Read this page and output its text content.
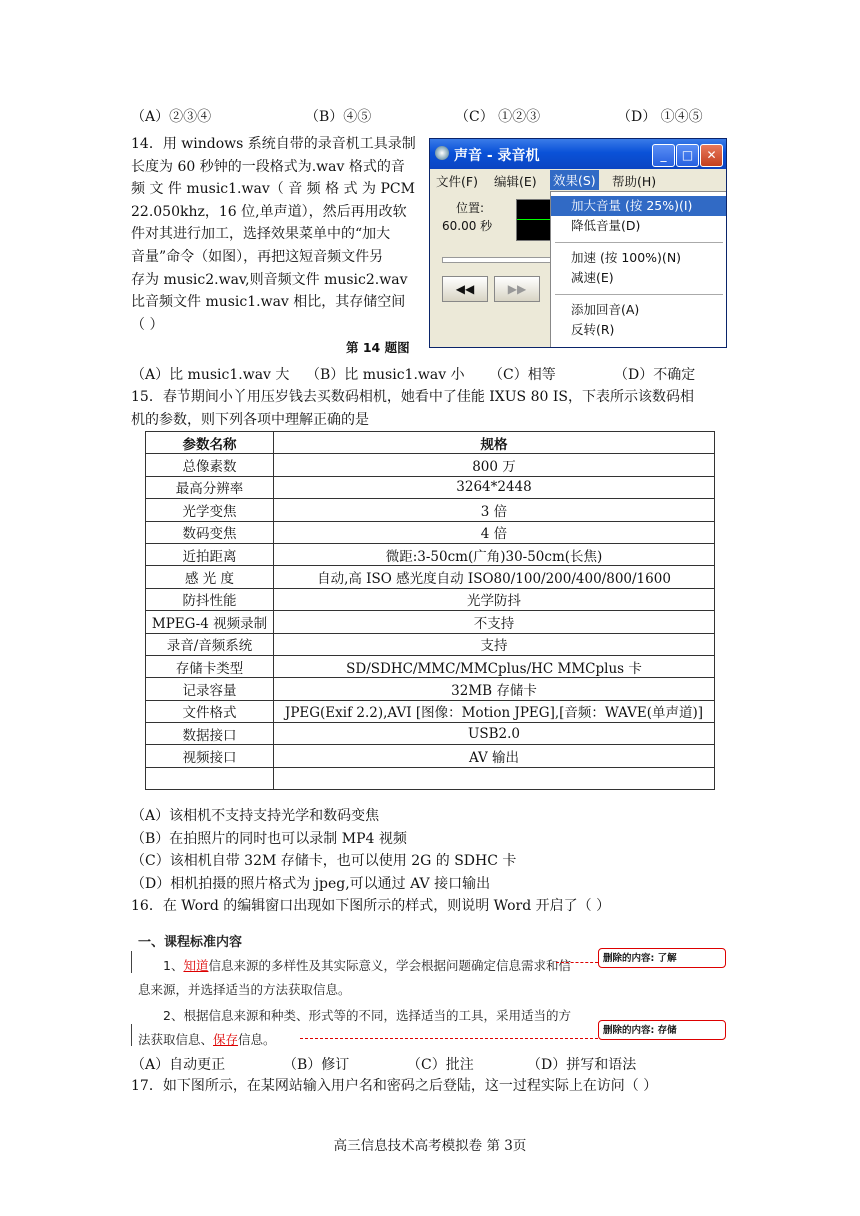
（A）②③④	（B）④⑤	（C） ①②③	（D） ①④⑤
14．用 windows 系统自带的录音机工具录制
长度为 60 秒钟的一段格式为.wav 格式的音
频 文 件 music1.wav（ 音 频 格 式 为 PCM
22.050khz，16 位,单声道），然后再用改软
件对其进行加工，选择效果菜单中的“加大
音量”命令（如图），再把这短音频文件另
存为 music2.wav,则音频文件 music2.wav
比音频文件 music1.wav 相比，其存储空间
（ ）
声音 - 录音机	_	□	✕
文件(F) 编辑(E) 效果(S) 帮助(H)
位置:
60.00 秒
◀◀	▶▶
加大音量 (按 25%)(I)
降低音量(D)
加速 (按 100%)(N)
减速(E)
添加回音(A)
反转(R)
第 14 题图
（A）比 music1.wav 大 （B）比 music1.wav 小 （C）相等	（D）不确定
15．春节期间小丫用压岁钱去买数码相机，她看中了佳能 IXUS 80 IS，下表所示该数码相
机的参数，则下列各项中理解正确的是
参数名称	规格
总像素数	800 万
最高分辨率	3264*2448
光学变焦	3 倍
数码变焦	4 倍
近拍距离	微距:3-50cm(广角)30-50cm(长焦)
感 光 度	自动,高 ISO 感光度自动 ISO80/100/200/400/800/1600
防抖性能	光学防抖
MPEG-4 视频录制	不支持
录音/音频系统	支持
存储卡类型	SD/SDHC/MMC/MMCplus/HC MMCplus 卡
记录容量	32MB 存储卡
文件格式	JPEG(Exif 2.2),AVI [图像：Motion JPEG],[音频：WAVE(单声道)]
数据接口	USB2.0
视频接口	AV 输出

（A）该相机不支持支持光学和数码变焦
（B）在拍照片的同时也可以录制 MP4 视频
（C）该相机自带 32M 存储卡，也可以使用 2G 的 SDHC 卡
（D）相机拍摄的照片格式为 jpeg,可以通过 AV 接口输出
16．在 Word 的编辑窗口出现如下图所示的样式，则说明 Word 开启了（ ）
一、课程标准内容
1、知道信息来源的多样性及其实际意义，学会根据问题确定信息需求和信
息来源，并选择适当的方法获取信息。
2、根据信息来源和种类、形式等的不同，选择适当的工具，采用适当的方
法获取信息、保存信息。
删除的内容: 了解
删除的内容: 存储
（A）自动更正	（B）修订	（C）批注	（D）拼写和语法
17．如下图所示，在某网站输入用户名和密码之后登陆，这一过程实际上在访问（ ）
高三信息技术高考模拟卷 第 3页
